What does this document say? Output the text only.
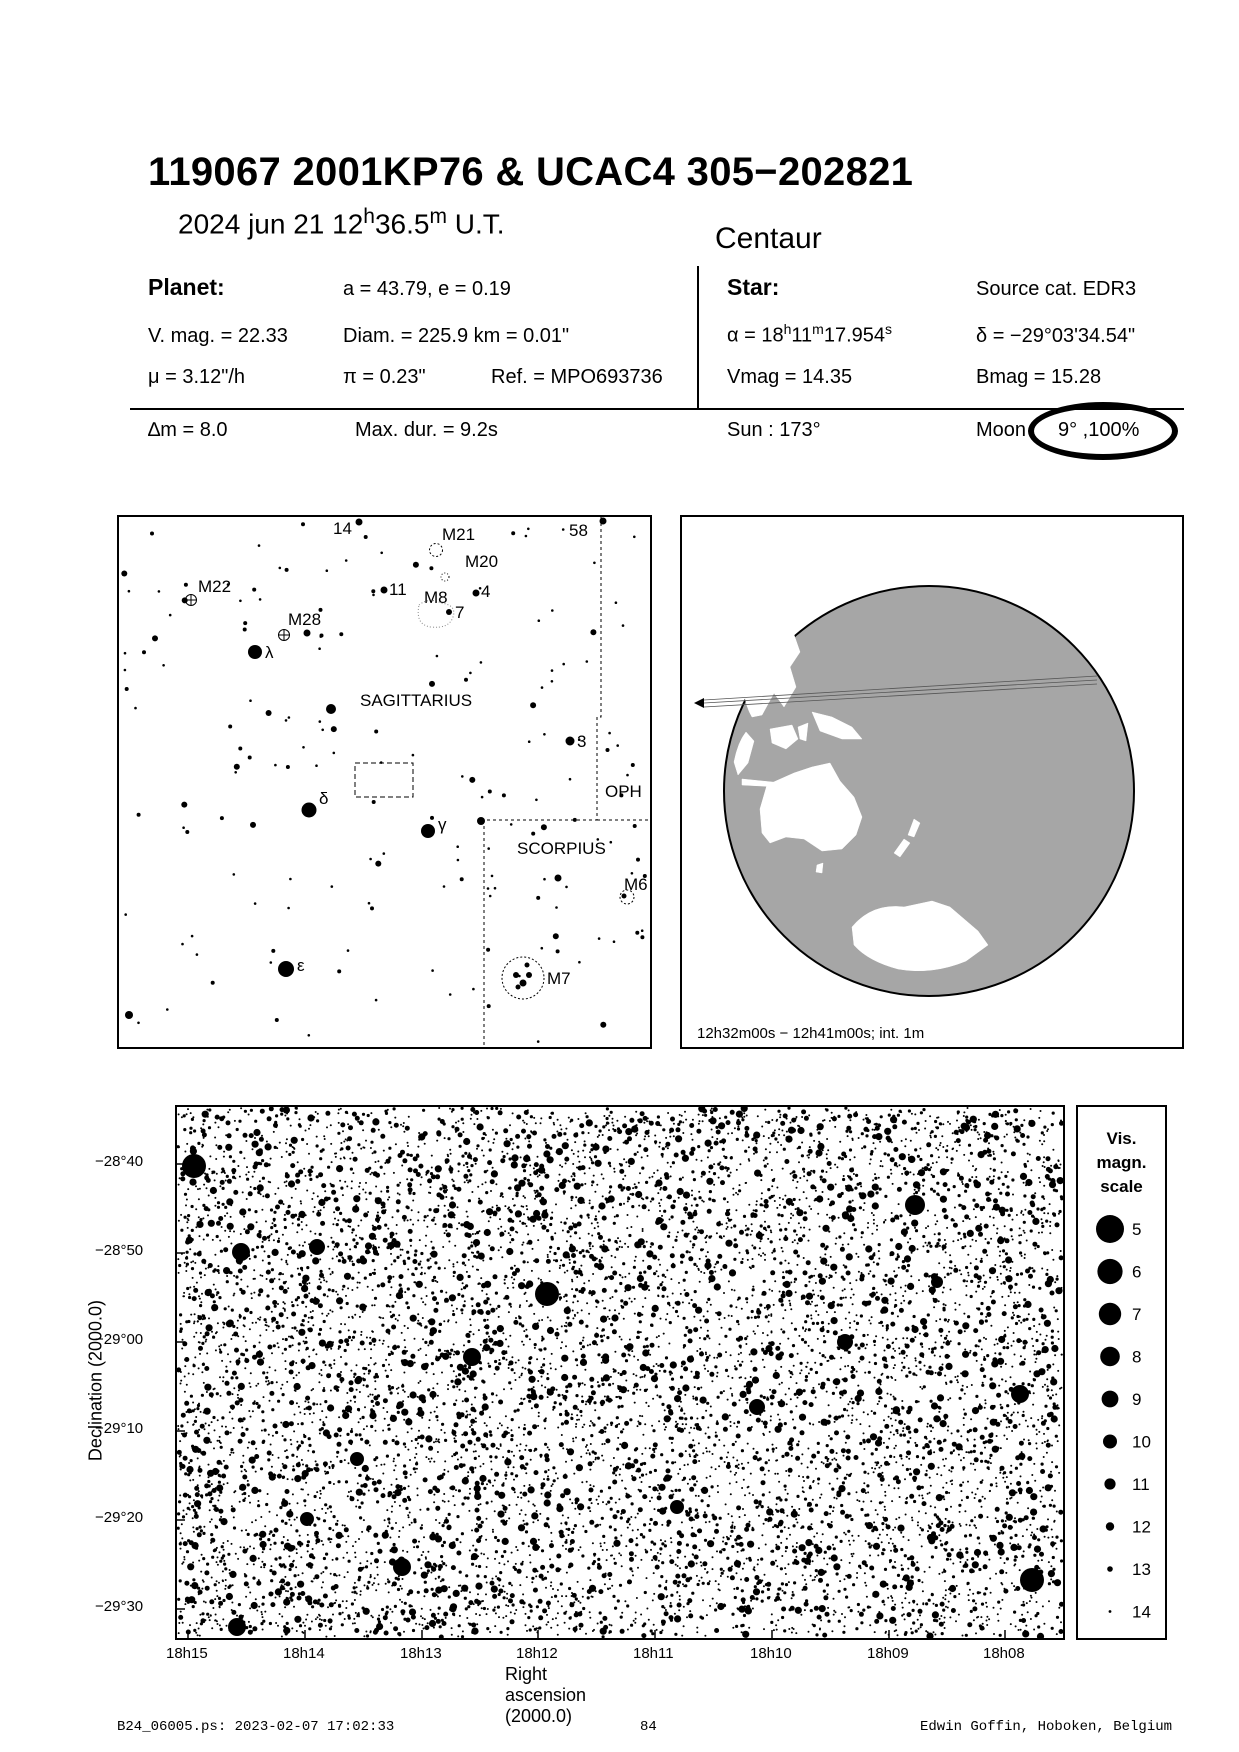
119067 2001KP76 & UCAC4 305−202821
2024 jun 21 12$^h$36.5$^m$ U.T.	Centaur
Planet:	a = 43.79, e = 0.19	Star:	Source cat. EDR3
V. mag. = 22.33	Diam. = 225.9 km = 0.01"	$\alpha = 18^h11^m17.954^s$	δ = −29°03'34.54"
μ = 3.12"/h	π = 0.23"	Ref. = MPO693736	Vmag = 14.35	Bmag = 15.28
∆m = 8.0	Max. dur. = 9.2s	Sun : 173°	Moon 9° ,100%
14	M21	58
M20
M22	11 M8 4
7
M28
λ
SAGITTARIUS
3
OPH
δ
γ
SCORPIUS
M6
ε
M7
12h32m00s − 12h41m00s; int. 1m
Declination (2000.0)
Right ascension (2000.0)
−28°40
−28°50
−29°00
−29°10
−29°20
−29°30
18h15	18h14	18h13	18h12	18h11	18h10	18h09	18h08
Vis.
magn.
scale
5
6
7
8
9
10
11
12
13
14
B24_06005.ps: 2023-02-07 17:02:33	84	Edwin Goffin, Hoboken, Belgium
